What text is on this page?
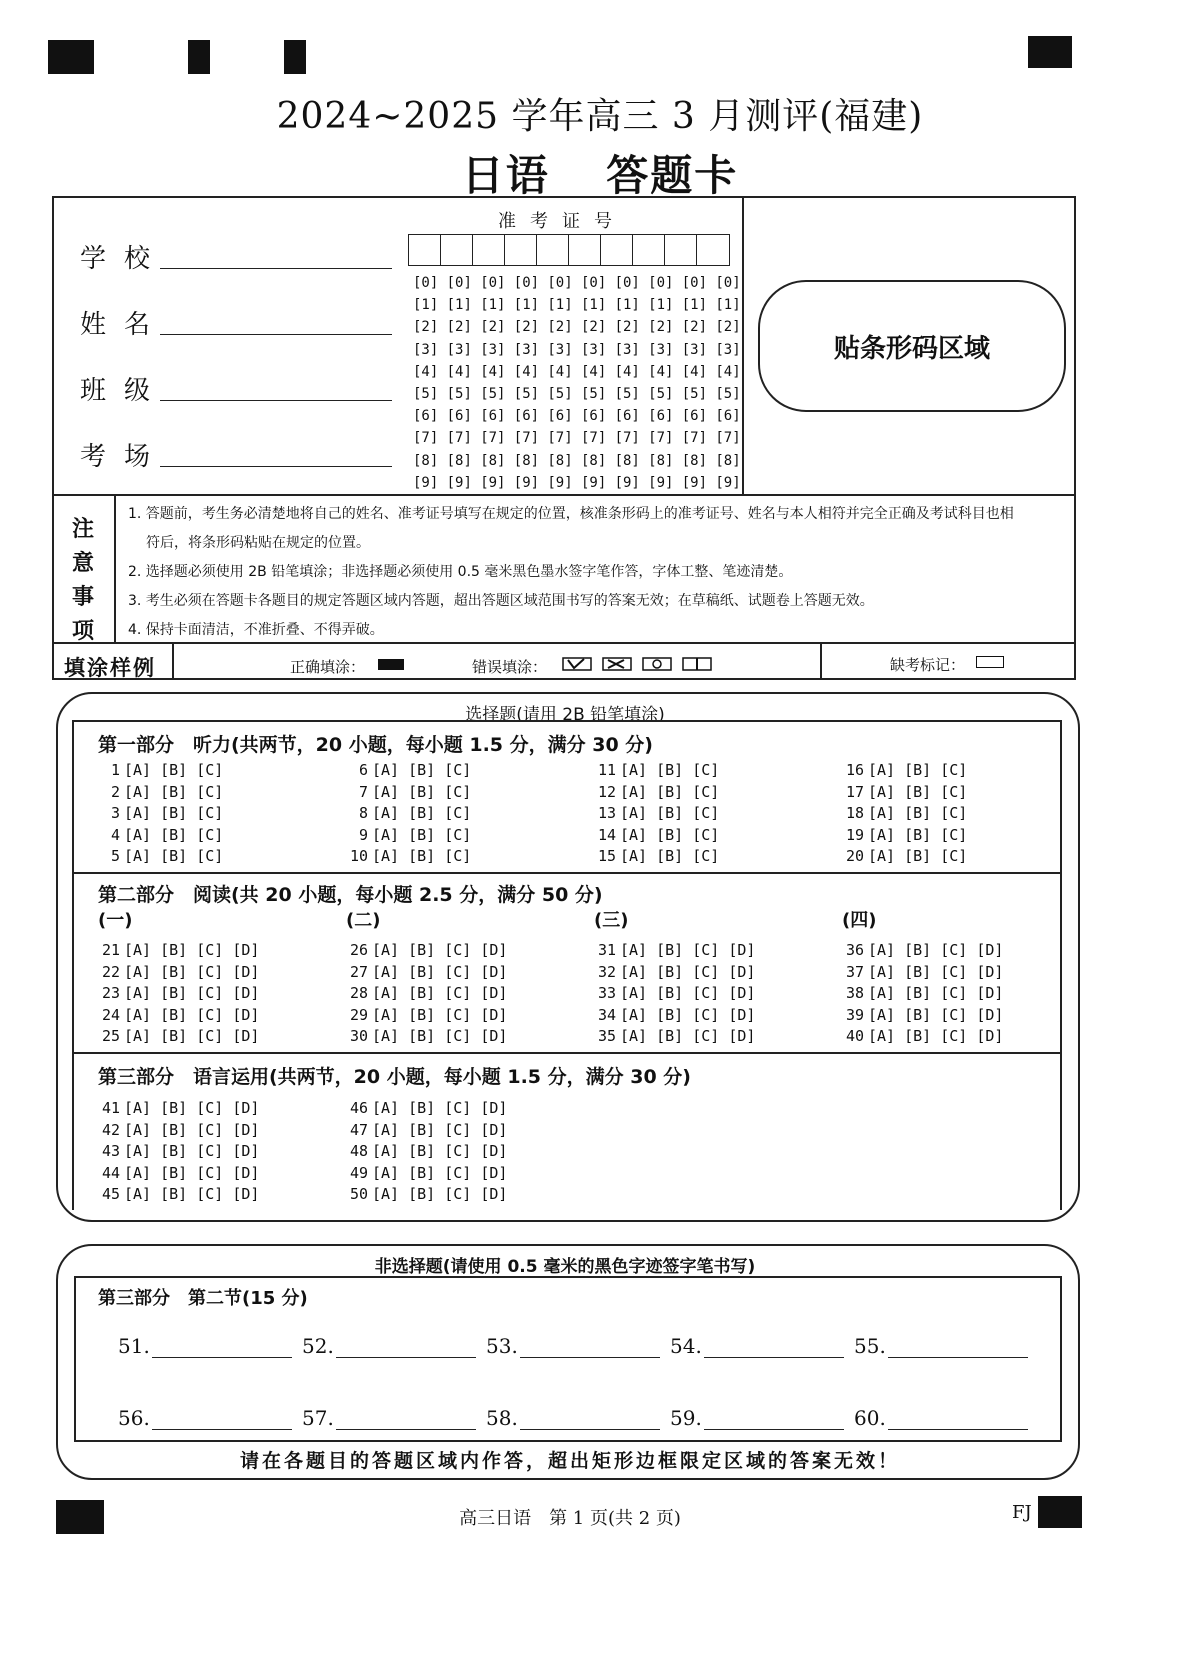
2024~2025 学年高三 3 月测评(福建)
日语 答题卡
学校
姓名
班级
考场
准考证号
[0] [0] [0] [0] [0] [0] [0] [0] [0] [0]
[1] [1] [1] [1] [1] [1] [1] [1] [1] [1]
[2] [2] [2] [2] [2] [2] [2] [2] [2] [2]
[3] [3] [3] [3] [3] [3] [3] [3] [3] [3]
[4] [4] [4] [4] [4] [4] [4] [4] [4] [4]
[5] [5] [5] [5] [5] [5] [5] [5] [5] [5]
[6] [6] [6] [6] [6] [6] [6] [6] [6] [6]
[7] [7] [7] [7] [7] [7] [7] [7] [7] [7]
[8] [8] [8] [8] [8] [8] [8] [8] [8] [8]
[9] [9] [9] [9] [9] [9] [9] [9] [9] [9]
贴条形码区域
注
意
事
项

1. 答题前，考生务必清楚地将自己的姓名、准考证号填写在规定的位置，核准条形码上的准考证号、姓名与本人相符并完全正确及考试科目也相

符后，将条形码粘贴在规定的位置。

2. 选择题必须使用 2B 铅笔填涂；非选择题必须使用 0.5 毫米黑色墨水签字笔作答，字体工整、笔迹清楚。

3. 考生必须在答题卡各题目的规定答题区域内答题，超出答题区域范围书写的答案无效；在草稿纸、试题卷上答题无效。

4. 保持卡面清洁，不准折叠、不得弄破。

填涂样例	正确填涂：	错误填涂：	缺考标记：
选择题(请用 2B 铅笔填涂)
第一部分　听力(共两节，20 小题，每小题 1.5 分，满分 30 分)
1 [A] [B] [C]
2 [A] [B] [C]
3 [A] [B] [C]
4 [A] [B] [C]
5 [A] [B] [C]
6 [A] [B] [C]
7 [A] [B] [C]
8 [A] [B] [C]
9 [A] [B] [C]
10 [A] [B] [C]
11 [A] [B] [C]
12 [A] [B] [C]
13 [A] [B] [C]
14 [A] [B] [C]
15 [A] [B] [C]
16 [A] [B] [C]
17 [A] [B] [C]
18 [A] [B] [C]
19 [A] [B] [C]
20 [A] [B] [C]
第二部分　阅读(共 20 小题，每小题 2.5 分，满分 50 分)
(一)	(二)	(三)	(四)
21 [A] [B] [C] [D]
22 [A] [B] [C] [D]
23 [A] [B] [C] [D]
24 [A] [B] [C] [D]
25 [A] [B] [C] [D]
26 [A] [B] [C] [D]
27 [A] [B] [C] [D]
28 [A] [B] [C] [D]
29 [A] [B] [C] [D]
30 [A] [B] [C] [D]
31 [A] [B] [C] [D]
32 [A] [B] [C] [D]
33 [A] [B] [C] [D]
34 [A] [B] [C] [D]
35 [A] [B] [C] [D]
36 [A] [B] [C] [D]
37 [A] [B] [C] [D]
38 [A] [B] [C] [D]
39 [A] [B] [C] [D]
40 [A] [B] [C] [D]
第三部分　语言运用(共两节，20 小题，每小题 1.5 分，满分 30 分)
41 [A] [B] [C] [D]
42 [A] [B] [C] [D]
43 [A] [B] [C] [D]
44 [A] [B] [C] [D]
45 [A] [B] [C] [D]
46 [A] [B] [C] [D]
47 [A] [B] [C] [D]
48 [A] [B] [C] [D]
49 [A] [B] [C] [D]
50 [A] [B] [C] [D]
非选择题(请使用 0.5 毫米的黑色字迹签字笔书写)
第三部分　第二节(15 分)
51.	52.	53.	54.	55.
56.	57.	58.	59.	60.
请在各题目的答题区域内作答，超出矩形边框限定区域的答案无效！
高三日语　第 1 页(共 2 页)	FJ
